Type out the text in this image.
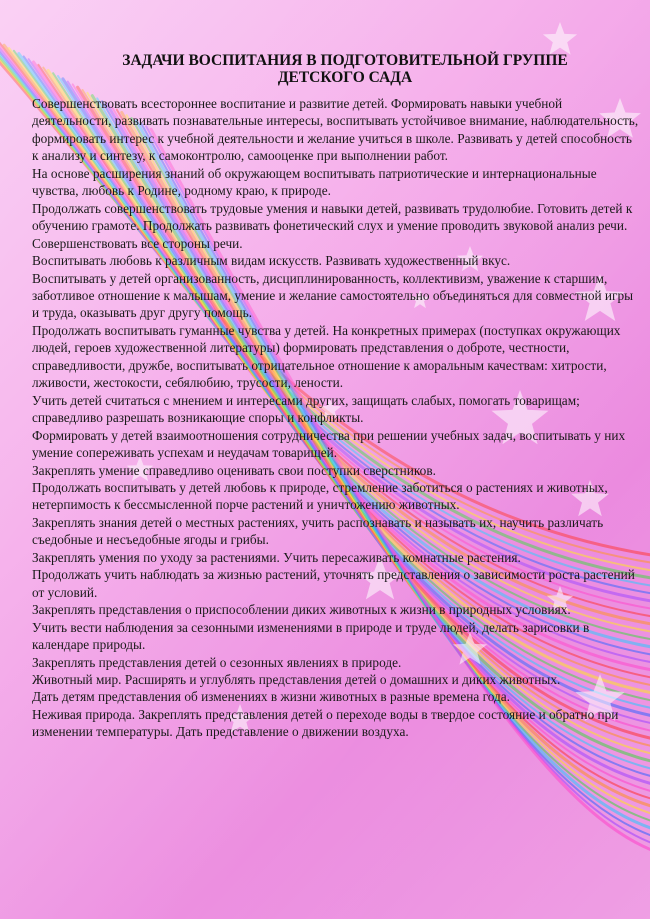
ЗАДАЧИ ВОСПИТАНИЯ В ПОДГОТОВИТЕЛЬНОЙ ГРУППЕ
ДЕТСКОГО САДА

Совершенствовать всестороннее воспитание и развитие детей. Формировать навыки учебной деятельности, развивать познавательные интересы, воспитывать устойчивое внимание, наблюдательность, формировать интерес к учебной деятельности и желание учиться в школе. Развивать у детей способность к анализу и синтезу, к самоконтролю, самооценке при выполнении работ.

На основе расширения знаний об окружающем воспитывать патриотические и интернациональные чувства, любовь к Родине, родному краю, к природе.

Продолжать совершенствовать трудовые умения и навыки детей, развивать трудолюбие. Готовить детей к обучению грамоте. Продолжать развивать фонетический слух и умение проводить звуковой анализ речи. Совершенствовать все стороны речи.

Воспитывать любовь к различным видам искусств. Развивать художественный вкус.

Воспитывать у детей организованность, дисциплинированность, коллективизм, уважение к старшим, заботливое отношение к малышам, умение и желание самостоятельно объединяться для совместной игры и труда, оказывать друг другу помощь.

Продолжать воспитывать гуманные чувства у детей. На конкретных примерах (поступках окружающих людей, героев художественной литературы) формировать представления о доброте, честности, справедливости, дружбе, воспитывать отрицательное отношение к аморальным качествам: хитрости, лживости, жестокости, себялюбию, трусости, лености.

Учить детей считаться с мнением и интересами других, защищать слабых, помогать товарищам; справедливо разрешать возникающие споры и конфликты.

Формировать у детей взаимоотношения сотрудничества при решении учебных задач, воспитывать у них умение сопереживать успехам и неудачам товарищей.

Закреплять умение справедливо оценивать свои поступки сверстников.

Продолжать воспитывать у детей любовь к природе, стремление заботиться о растениях и животных, нетерпимость к бессмысленной порче растений и уничтожению животных.

Закреплять знания детей о местных растениях, учить распознавать и называть их, научить различать съедобные и несъедобные ягоды и грибы.

Закреплять умения по уходу за растениями. Учить пересаживать комнатные растения.

Продолжать учить наблюдать за жизнью растений, уточнять представления о зависимости роста растений от условий.

Закреплять представления о приспособлении диких животных к жизни в природных условиях.

Учить вести наблюдения за сезонными изменениями в природе и труде людей, делать зарисовки в календаре природы.

Закреплять представления детей о сезонных явлениях в природе.

Животный мир. Расширять и углублять представления детей о домашних и диких животных.

Дать детям представления об изменениях в жизни животных в разные времена года.

Неживая природа. Закреплять представления детей о переходе воды в твердое состояние и обратно при изменении температуры. Дать представление о движении воздуха.
